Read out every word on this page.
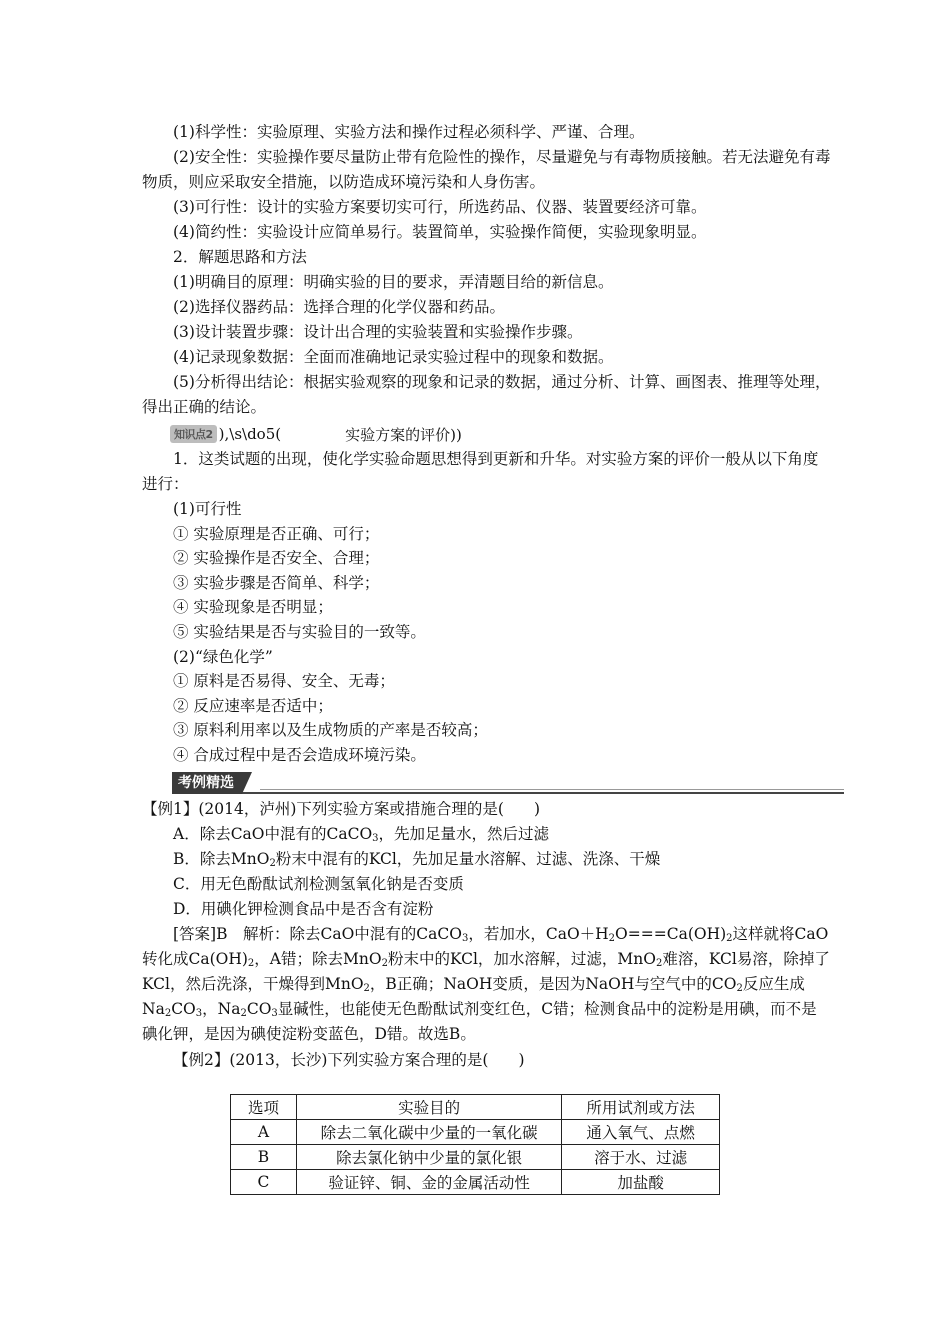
(1)科学性：实验原理、实验方法和操作过程必须科学、严谨、合理。

(2)安全性：实验操作要尽量防止带有危险性的操作，尽量避免与有毒物质接触。若无法避免有毒物质，则应采取安全措施，以防造成环境污染和人身伤害。

(3)可行性：设计的实验方案要切实可行，所选药品、仪器、装置要经济可靠。

(4)简约性：实验设计应简单易行。装置简单，实验操作简便，实验现象明显。

2．解题思路和方法

(1)明确目的原理：明确实验的目的要求，弄清题目给的新信息。

(2)选择仪器药品：选择合理的化学仪器和药品。

(3)设计装置步骤：设计出合理的实验装置和实验操作步骤。

(4)记录现象数据：全面而准确地记录实验过程中的现象和数据。

(5)分析得出结论：根据实验观察的现象和记录的数据，通过分析、计算、画图表、推理等处理，得出正确的结论。

知识点2 ),\s\do5(	实验方案的评价))

1．这类试题的出现，使化学实验命题思想得到更新和升华。对实验方案的评价一般从以下角度进行：

(1)可行性

① 实验原理是否正确、可行；

② 实验操作是否安全、合理；

③ 实验步骤是否简单、科学；

④ 实验现象是否明显；

⑤ 实验结果是否与实验目的一致等。

(2)“绿色化学”

① 原料是否易得、安全、无毒；

② 反应速率是否适中；

③ 原料利用率以及生成物质的产率是否较高；

④ 合成过程中是否会造成环境污染。

考例精选

【例1】(2014，泸州)下列实验方案或措施合理的是( )

A．除去CaO中混有的CaCO$_3$，先加足量水，然后过滤

B．除去MnO$_2$粉末中混有的KCl，先加足量水溶解、过滤、洗涤、干燥

C．用无色酚酞试剂检测氢氧化钠是否变质

D．用碘化钾检测食品中是否含有淀粉

[答案]B　解析：除去CaO中混有的CaCO$_3$，若加水，$CaO+H_2O===Ca(OH)_2$这样就将CaO转化成$Ca(OH)_2$，A错；除去MnO$_2$粉末中的KCl，加水溶解，过滤，MnO$_2$难溶，KCl易溶，除掉了KCl，然后洗涤，干燥得到MnO$_2$，B正确；NaOH变质，是因为NaOH与空气中的$CO_2$反应生成$Na_2CO_3$，$Na_2CO_3$显碱性，也能使无色酚酞试剂变红色，C错；检测食品中的淀粉是用碘，而不是碘化钾，是因为碘使淀粉变蓝色，D错。故选B。

【例2】(2013，长沙)下列实验方案合理的是( )

选项	实验目的	所用试剂或方法
A	除去二氧化碳中少量的一氧化碳	通入氧气、点燃
B	除去氯化钠中少量的氯化银	溶于水、过滤
C	验证锌、铜、金的金属活动性	加盐酸
